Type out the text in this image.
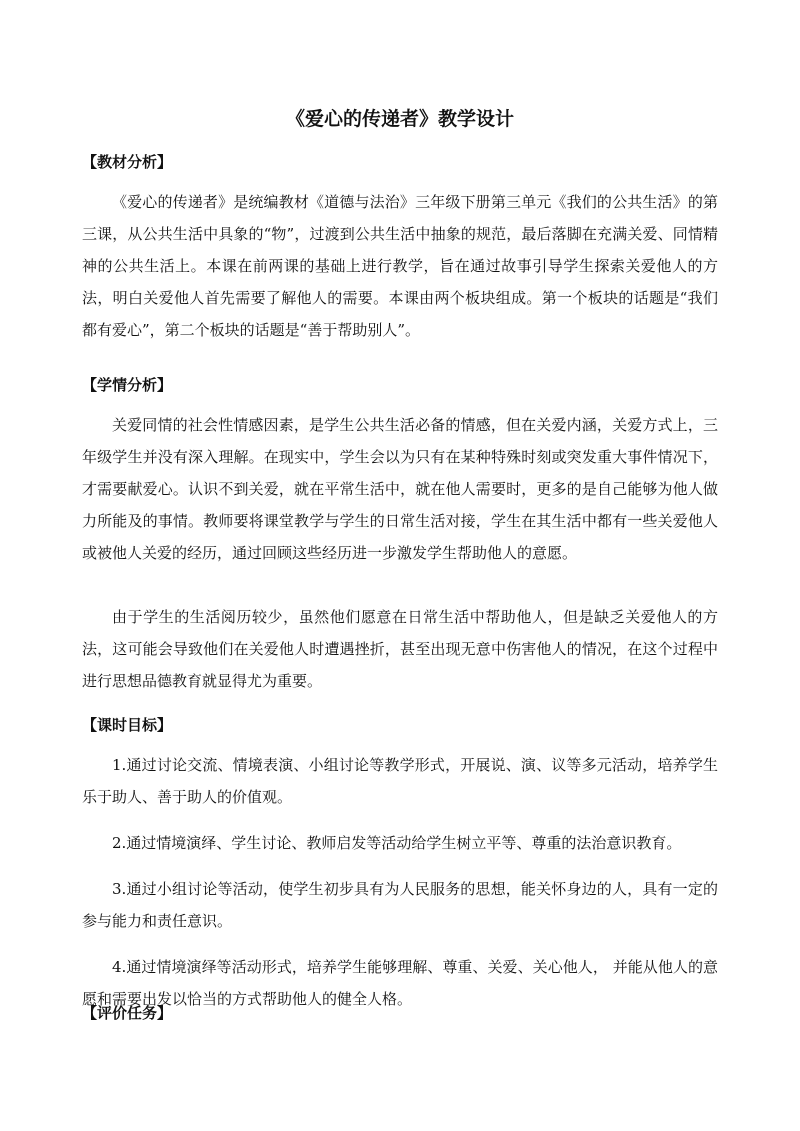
《爱心的传递者》教学设计
【教材分析】
《爱心的传递者》是统编教材《道德与法治》三年级下册第三单元《我们的公共生活》的第三课，从公共生活中具象的“物”，过渡到公共生活中抽象的规范，最后落脚在充满关爱、同情精神的公共生活上。本课在前两课的基础上进行教学，旨在通过故事引导学生探索关爱他人的方法，明白关爱他人首先需要了解他人的需要。本课由两个板块组成。第一个板块的话题是“我们都有爱心”，第二个板块的话题是“善于帮助别人”。
【学情分析】
关爱同情的社会性情感因素，是学生公共生活必备的情感，但在关爱内涵，关爱方式上，三年级学生并没有深入理解。在现实中，学生会以为只有在某种特殊时刻或突发重大事件情况下，才需要献爱心。认识不到关爱，就在平常生活中，就在他人需要时，更多的是自己能够为他人做力所能及的事情。教师要将课堂教学与学生的日常生活对接，学生在其生活中都有一些关爱他人或被他人关爱的经历，通过回顾这些经历进一步激发学生帮助他人的意愿。
由于学生的生活阅历较少，虽然他们愿意在日常生活中帮助他人，但是缺乏关爱他人的方法，这可能会导致他们在关爱他人时遭遇挫折，甚至出现无意中伤害他人的情况，在这个过程中进行思想品德教育就显得尤为重要。
【课时目标】
1.通过讨论交流、情境表演、小组讨论等教学形式，开展说、演、议等多元活动，培养学生乐于助人、善于助人的价值观。
2.通过情境演绎、学生讨论、教师启发等活动给学生树立平等、尊重的法治意识教育。
3.通过小组讨论等活动，使学生初步具有为人民服务的思想，能关怀身边的人，具有一定的参与能力和责任意识。
4.通过情境演绎等活动形式，培养学生能够理解、尊重、关爱、关心他人， 并能从他人的意愿和需要出发以恰当的方式帮助他人的健全人格。
【评价任务】
